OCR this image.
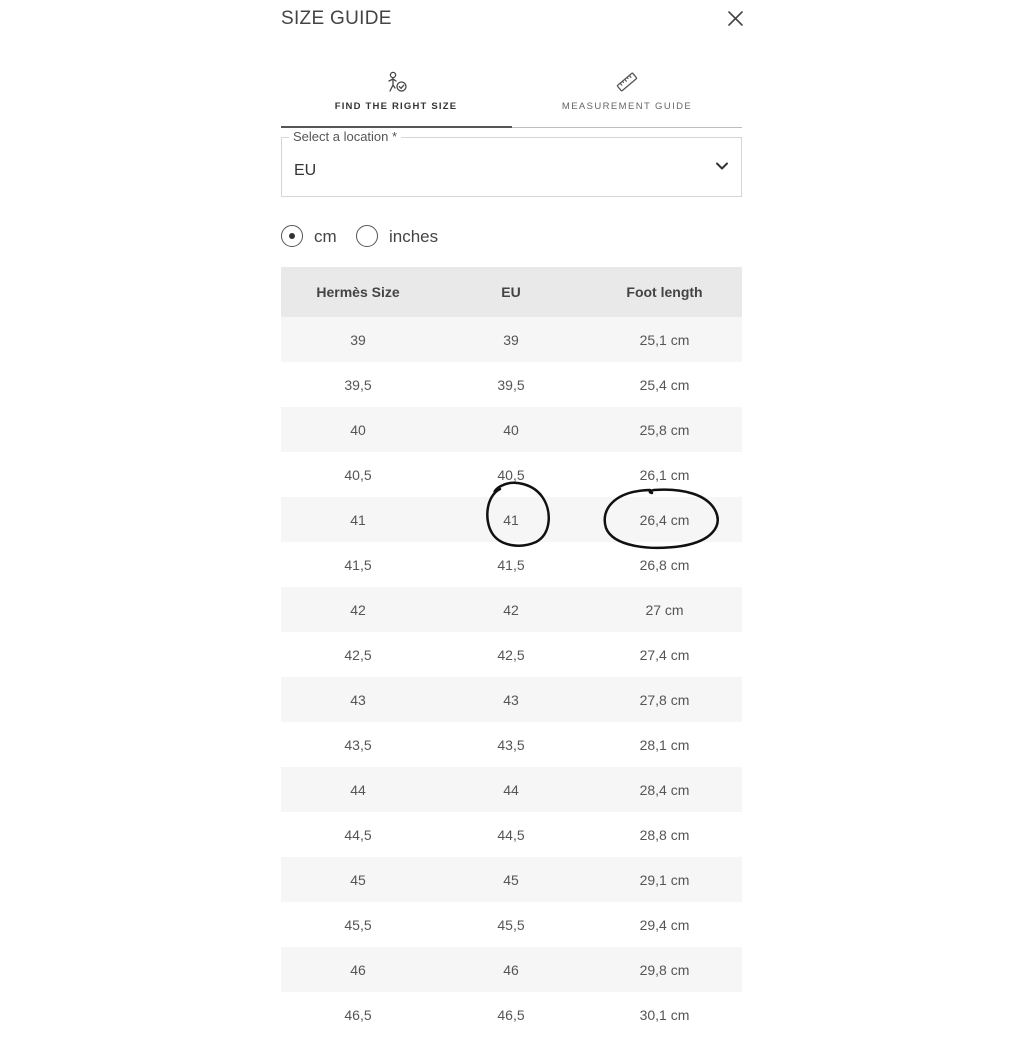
SIZE GUIDE
FIND THE RIGHT SIZE	MEASUREMENT GUIDE
Select a location *
EU
cm	inches
Hermès Size	EU	Foot length
39	39	25,1 cm
39,5	39,5	25,4 cm
40	40	25,8 cm
40,5	40,5	26,1 cm
41	41	26,4 cm
41,5	41,5	26,8 cm
42	42	27 cm
42,5	42,5	27,4 cm
43	43	27,8 cm
43,5	43,5	28,1 cm
44	44	28,4 cm
44,5	44,5	28,8 cm
45	45	29,1 cm
45,5	45,5	29,4 cm
46	46	29,8 cm
46,5	46,5	30,1 cm
